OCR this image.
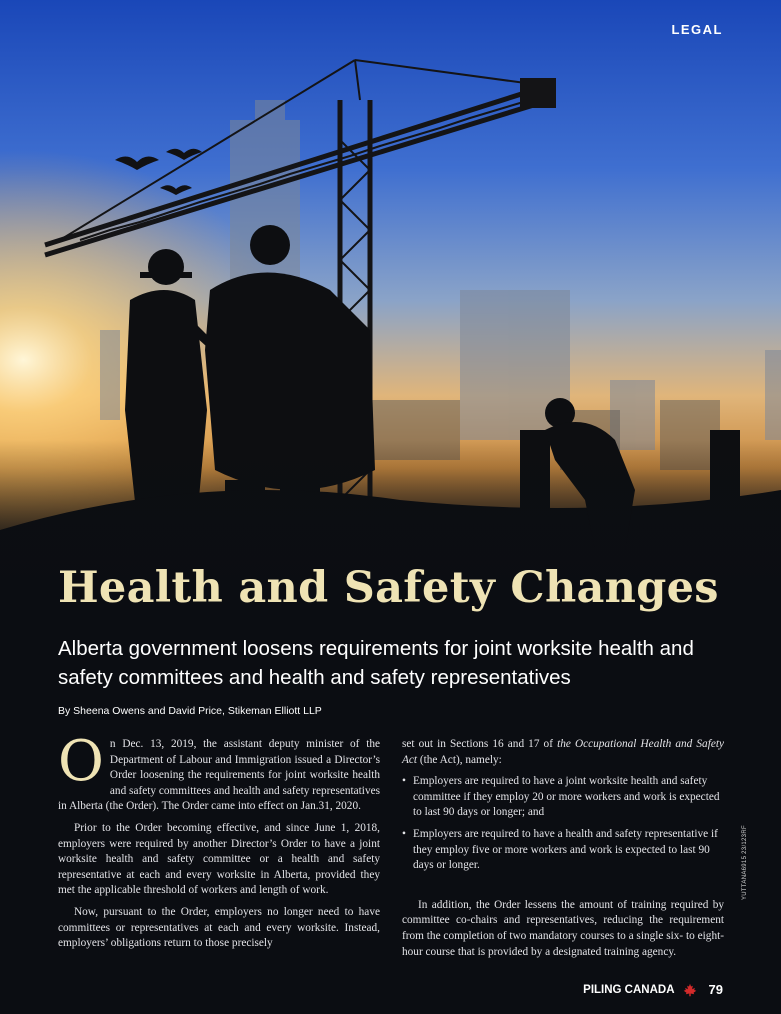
LEGAL
Health and Safety Changes
Alberta government loosens requirements for joint worksite health and safety committees and health and safety representatives
By Sheena Owens and David Price, Stikeman Elliott LLP

On Dec. 13, 2019, the assistant deputy minister of the Department of Labour and Immigration issued a Director’s Order loosening the requirements for joint worksite health and safety committees and health and safety representatives in Alberta (the Order). The Order came into effect on Jan.31, 2020.

Prior to the Order becoming effective, and since June 1, 2018, employers were required by another Director’s Order to have a joint worksite health and safety committee or a health and safety representative at each and every worksite in Alberta, provided they met the applicable threshold of workers and length of work.

Now, pursuant to the Order, employers no longer need to have committees or representatives at each and every worksite. Instead, employers’ obligations return to those precisely

set out in Sections 16 and 17 of the Occupational Health and Safety Act (the Act), namely:

• Employers are required to have a joint worksite health and safety committee if they employ 20 or more workers and work is expected to last 90 days or longer; and
• Employers are required to have a health and safety representative if they employ five or more workers and work is expected to last 90 days or longer.

In addition, the Order lessens the amount of training required by committee co-chairs and representatives, reducing the requirement from the completion of two mandatory courses to a single six- to eight-hour course that is provided by a designated training agency.

YUTTANA6915 23/123RF
PILING CANADA	79
